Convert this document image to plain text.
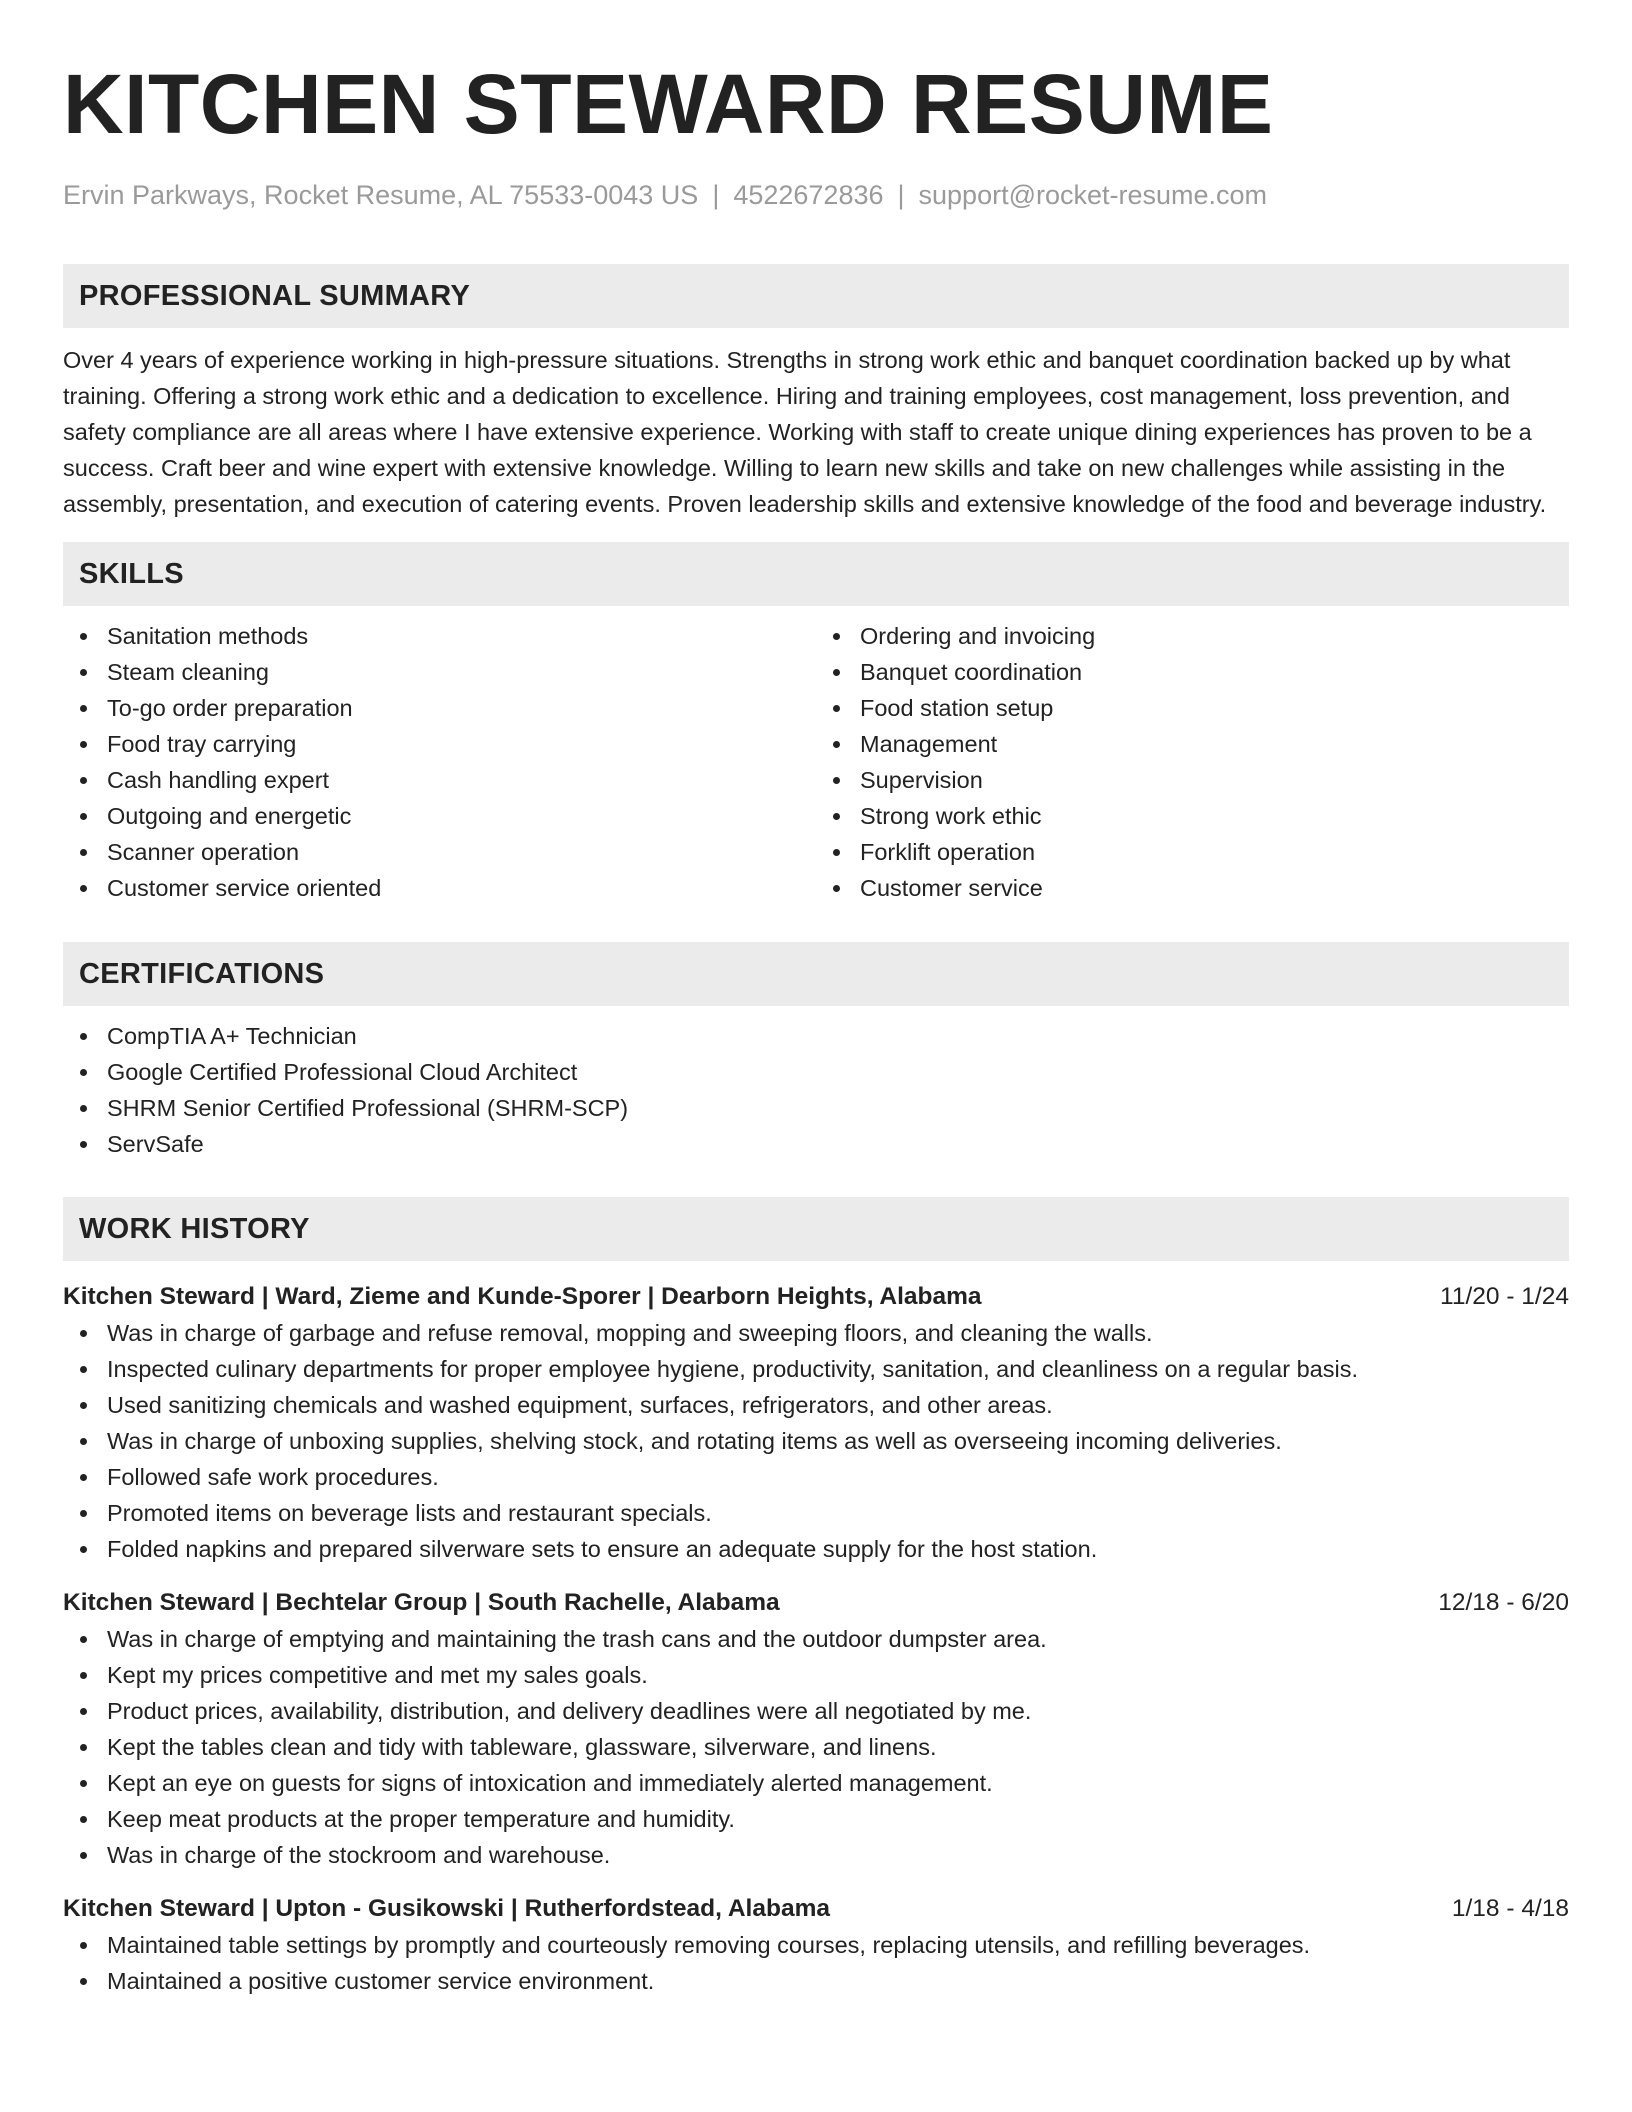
KITCHEN STEWARD RESUME
Ervin Parkways, Rocket Resume, AL 75533-0043 US | 4522672836 | support@rocket-resume.com
PROFESSIONAL SUMMARY

Over 4 years of experience working in high-pressure situations. Strengths in strong work ethic and banquet coordination backed up by what training. Offering a strong work ethic and a dedication to excellence. Hiring and training employees, cost management, loss prevention, and safety compliance are all areas where I have extensive experience. Working with staff to create unique dining experiences has proven to be a success. Craft beer and wine expert with extensive knowledge. Willing to learn new skills and take on new challenges while assisting in the assembly, presentation, and execution of catering events. Proven leadership skills and extensive knowledge of the food and beverage industry.

SKILLS
Sanitation methods
Steam cleaning
To-go order preparation
Food tray carrying
Cash handling expert
Outgoing and energetic
Scanner operation
Customer service oriented
Ordering and invoicing
Banquet coordination
Food station setup
Management
Supervision
Strong work ethic
Forklift operation
Customer service
CERTIFICATIONS
CompTIA A+ Technician
Google Certified Professional Cloud Architect
SHRM Senior Certified Professional (SHRM-SCP)
ServSafe
WORK HISTORY
Kitchen Steward | Ward, Zieme and Kunde-Sporer | Dearborn Heights, Alabama	11/20 - 1/24
Was in charge of garbage and refuse removal, mopping and sweeping floors, and cleaning the walls.
Inspected culinary departments for proper employee hygiene, productivity, sanitation, and cleanliness on a regular basis.
Used sanitizing chemicals and washed equipment, surfaces, refrigerators, and other areas.
Was in charge of unboxing supplies, shelving stock, and rotating items as well as overseeing incoming deliveries.
Followed safe work procedures.
Promoted items on beverage lists and restaurant specials.
Folded napkins and prepared silverware sets to ensure an adequate supply for the host station.
Kitchen Steward | Bechtelar Group | South Rachelle, Alabama	12/18 - 6/20
Was in charge of emptying and maintaining the trash cans and the outdoor dumpster area.
Kept my prices competitive and met my sales goals.
Product prices, availability, distribution, and delivery deadlines were all negotiated by me.
Kept the tables clean and tidy with tableware, glassware, silverware, and linens.
Kept an eye on guests for signs of intoxication and immediately alerted management.
Keep meat products at the proper temperature and humidity.
Was in charge of the stockroom and warehouse.
Kitchen Steward | Upton - Gusikowski | Rutherfordstead, Alabama	1/18 - 4/18
Maintained table settings by promptly and courteously removing courses, replacing utensils, and refilling beverages.
Maintained a positive customer service environment.
